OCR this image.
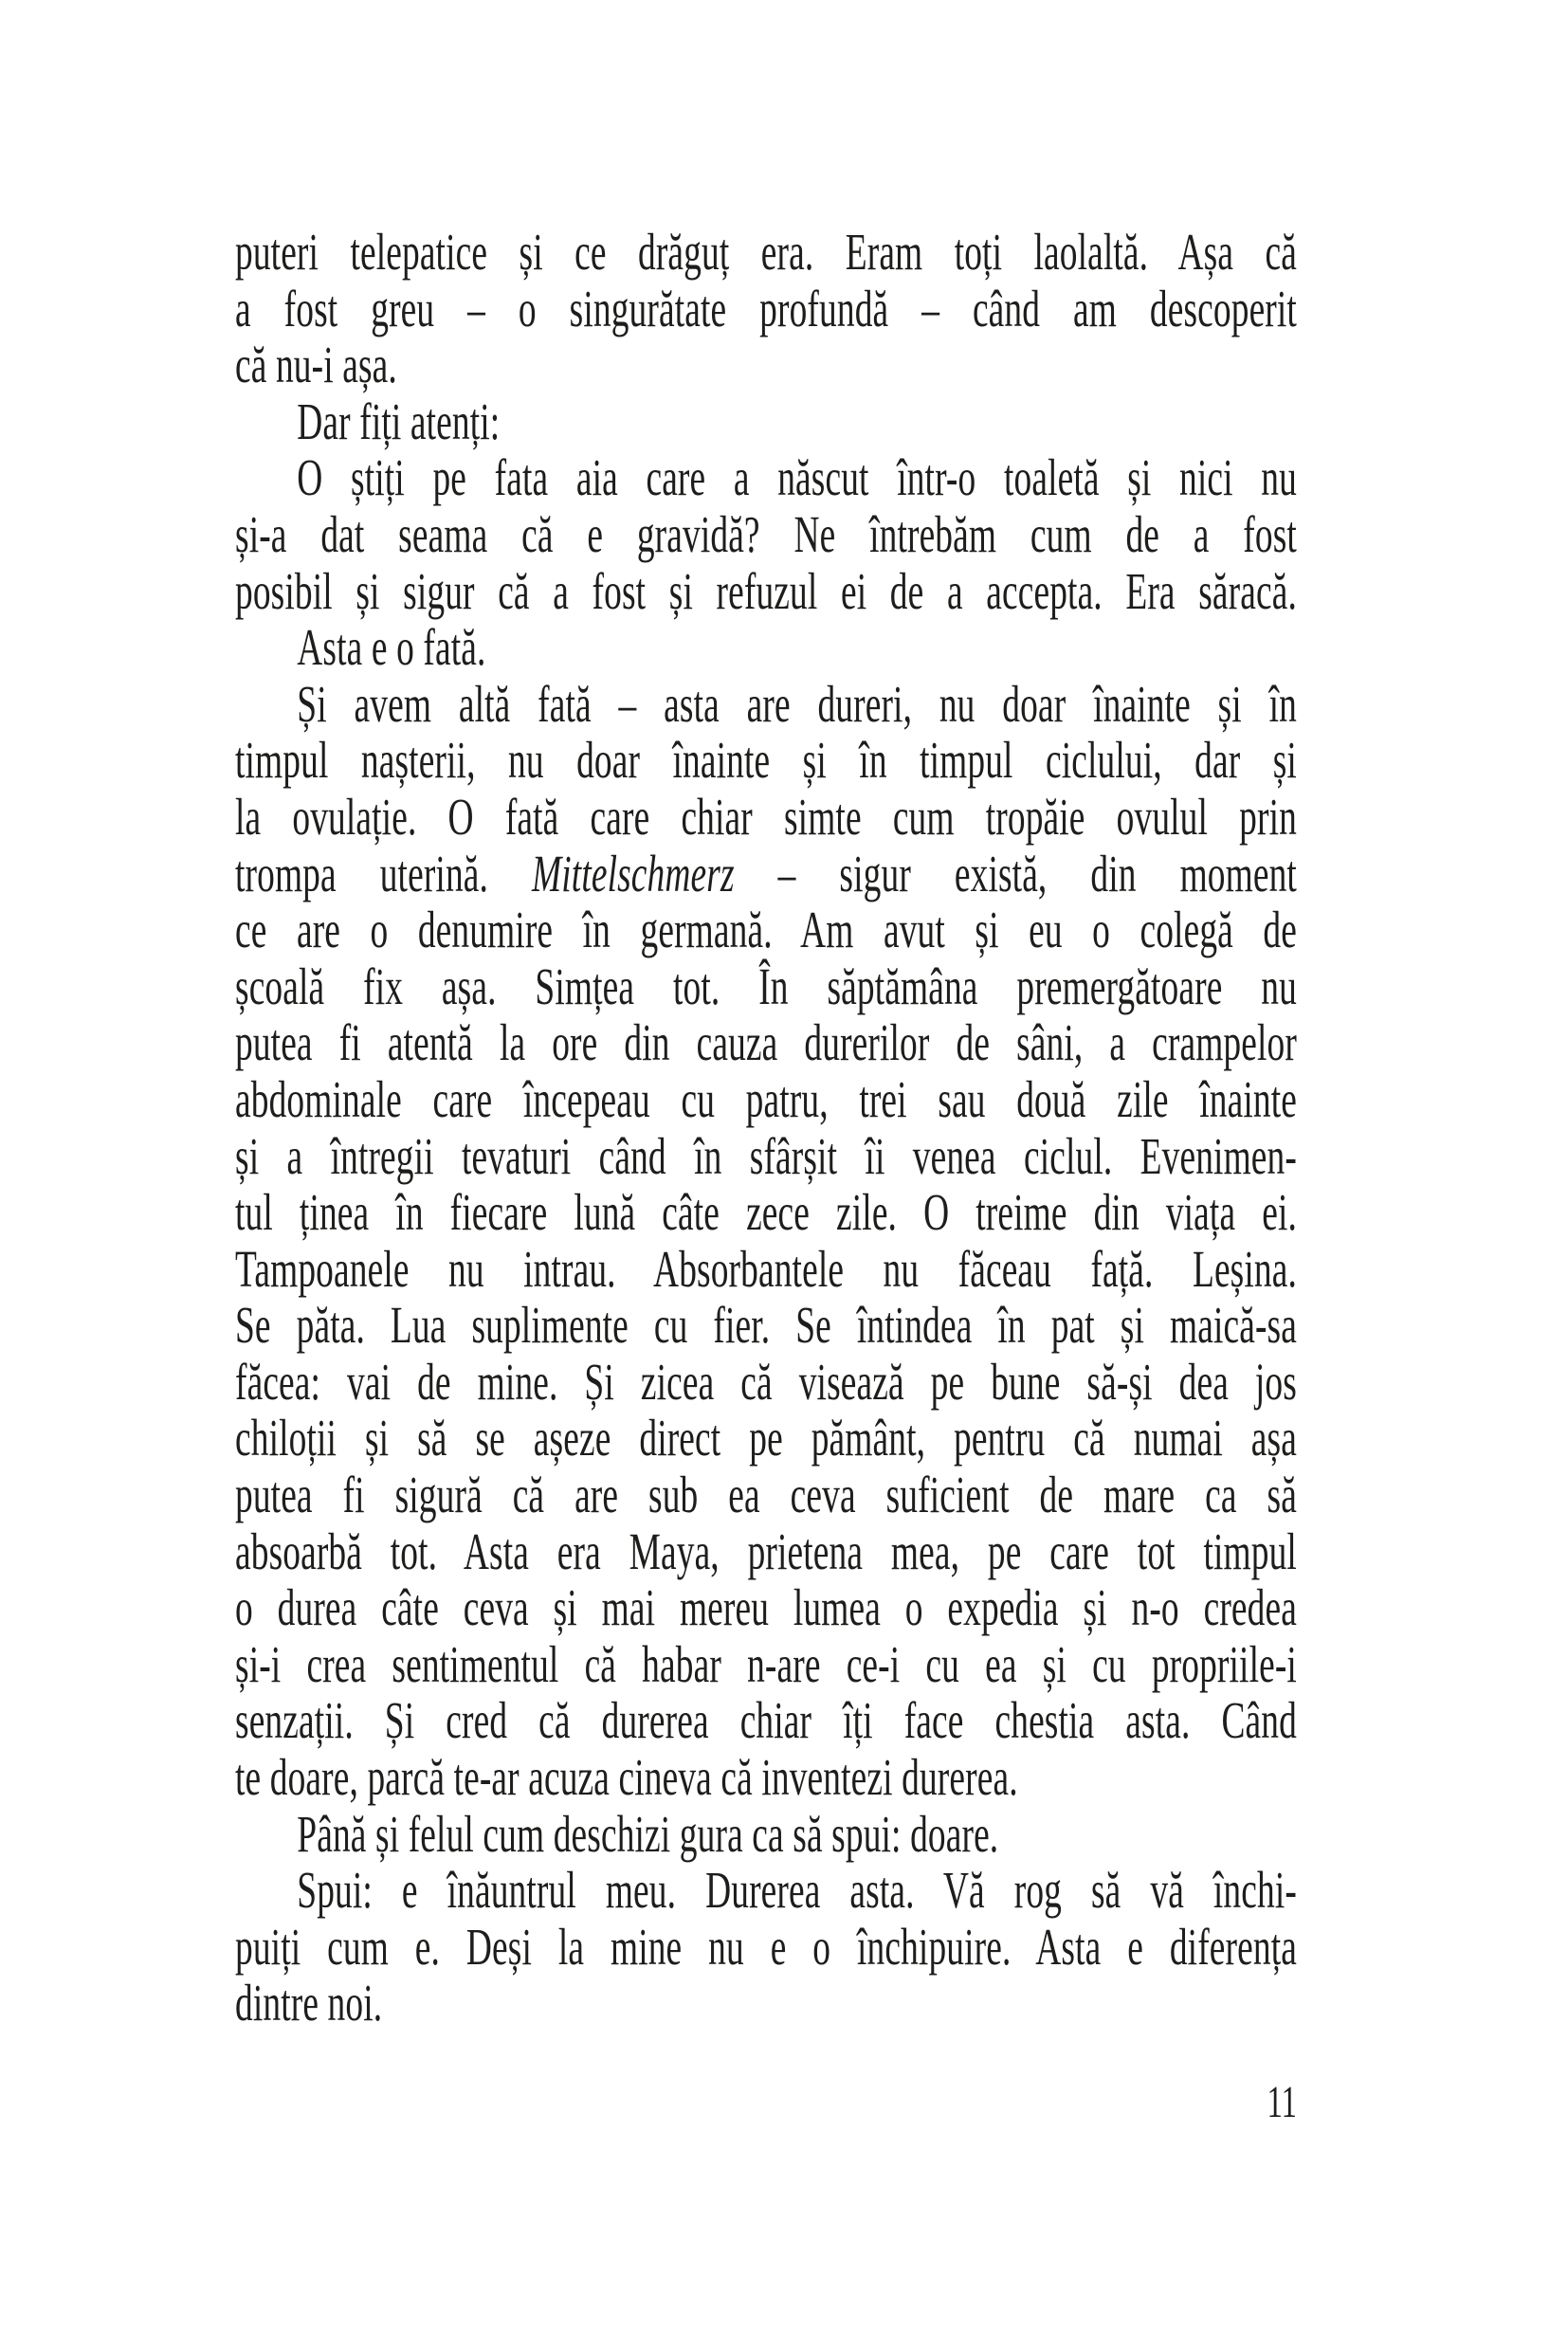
puteri telepatice și ce drăguț era. Eram toți laolaltă. Așa că
a fost greu – o singurătate profundă – când am descoperit
că nu-i așa.
Dar fiți atenți:
O știți pe fata aia care a născut într-o toaletă și nici nu
și-a dat seama că e gravidă? Ne întrebăm cum de a fost
posibil și sigur că a fost și refuzul ei de a accepta. Era săracă.
Asta e o fată.
Și avem altă fată – asta are dureri, nu doar înainte și în
timpul nașterii, nu doar înainte și în timpul ciclului, dar și
la ovulație. O fată care chiar simte cum tropăie ovulul prin
trompa uterină. Mittelschmerz – sigur există, din moment
ce are o denumire în germană. Am avut și eu o colegă de
școală fix așa. Simțea tot. În săptămâna premergătoare nu
putea fi atentă la ore din cauza durerilor de sâni, a crampelor
abdominale care începeau cu patru, trei sau două zile înainte
și a întregii tevaturi când în sfârșit îi venea ciclul. Evenimen-
tul ținea în fiecare lună câte zece zile. O treime din viața ei.
Tampoanele nu intrau. Absorbantele nu făceau față. Leșina.
Se păta. Lua suplimente cu fier. Se întindea în pat și maică-sa
făcea: vai de mine. Și zicea că visează pe bune să-și dea jos
chiloții și să se așeze direct pe pământ, pentru că numai așa
putea fi sigură că are sub ea ceva suficient de mare ca să
absoarbă tot. Asta era Maya, prietena mea, pe care tot timpul
o durea câte ceva și mai mereu lumea o expedia și n-o credea
și-i crea sentimentul că habar n-are ce-i cu ea și cu propriile-i
senzații. Și cred că durerea chiar îți face chestia asta. Când
te doare, parcă te-ar acuza cineva că inventezi durerea.
Până și felul cum deschizi gura ca să spui: doare.
Spui: e înăuntrul meu. Durerea asta. Vă rog să vă închi-
puiți cum e. Deși la mine nu e o închipuire. Asta e diferența
dintre noi.
11
